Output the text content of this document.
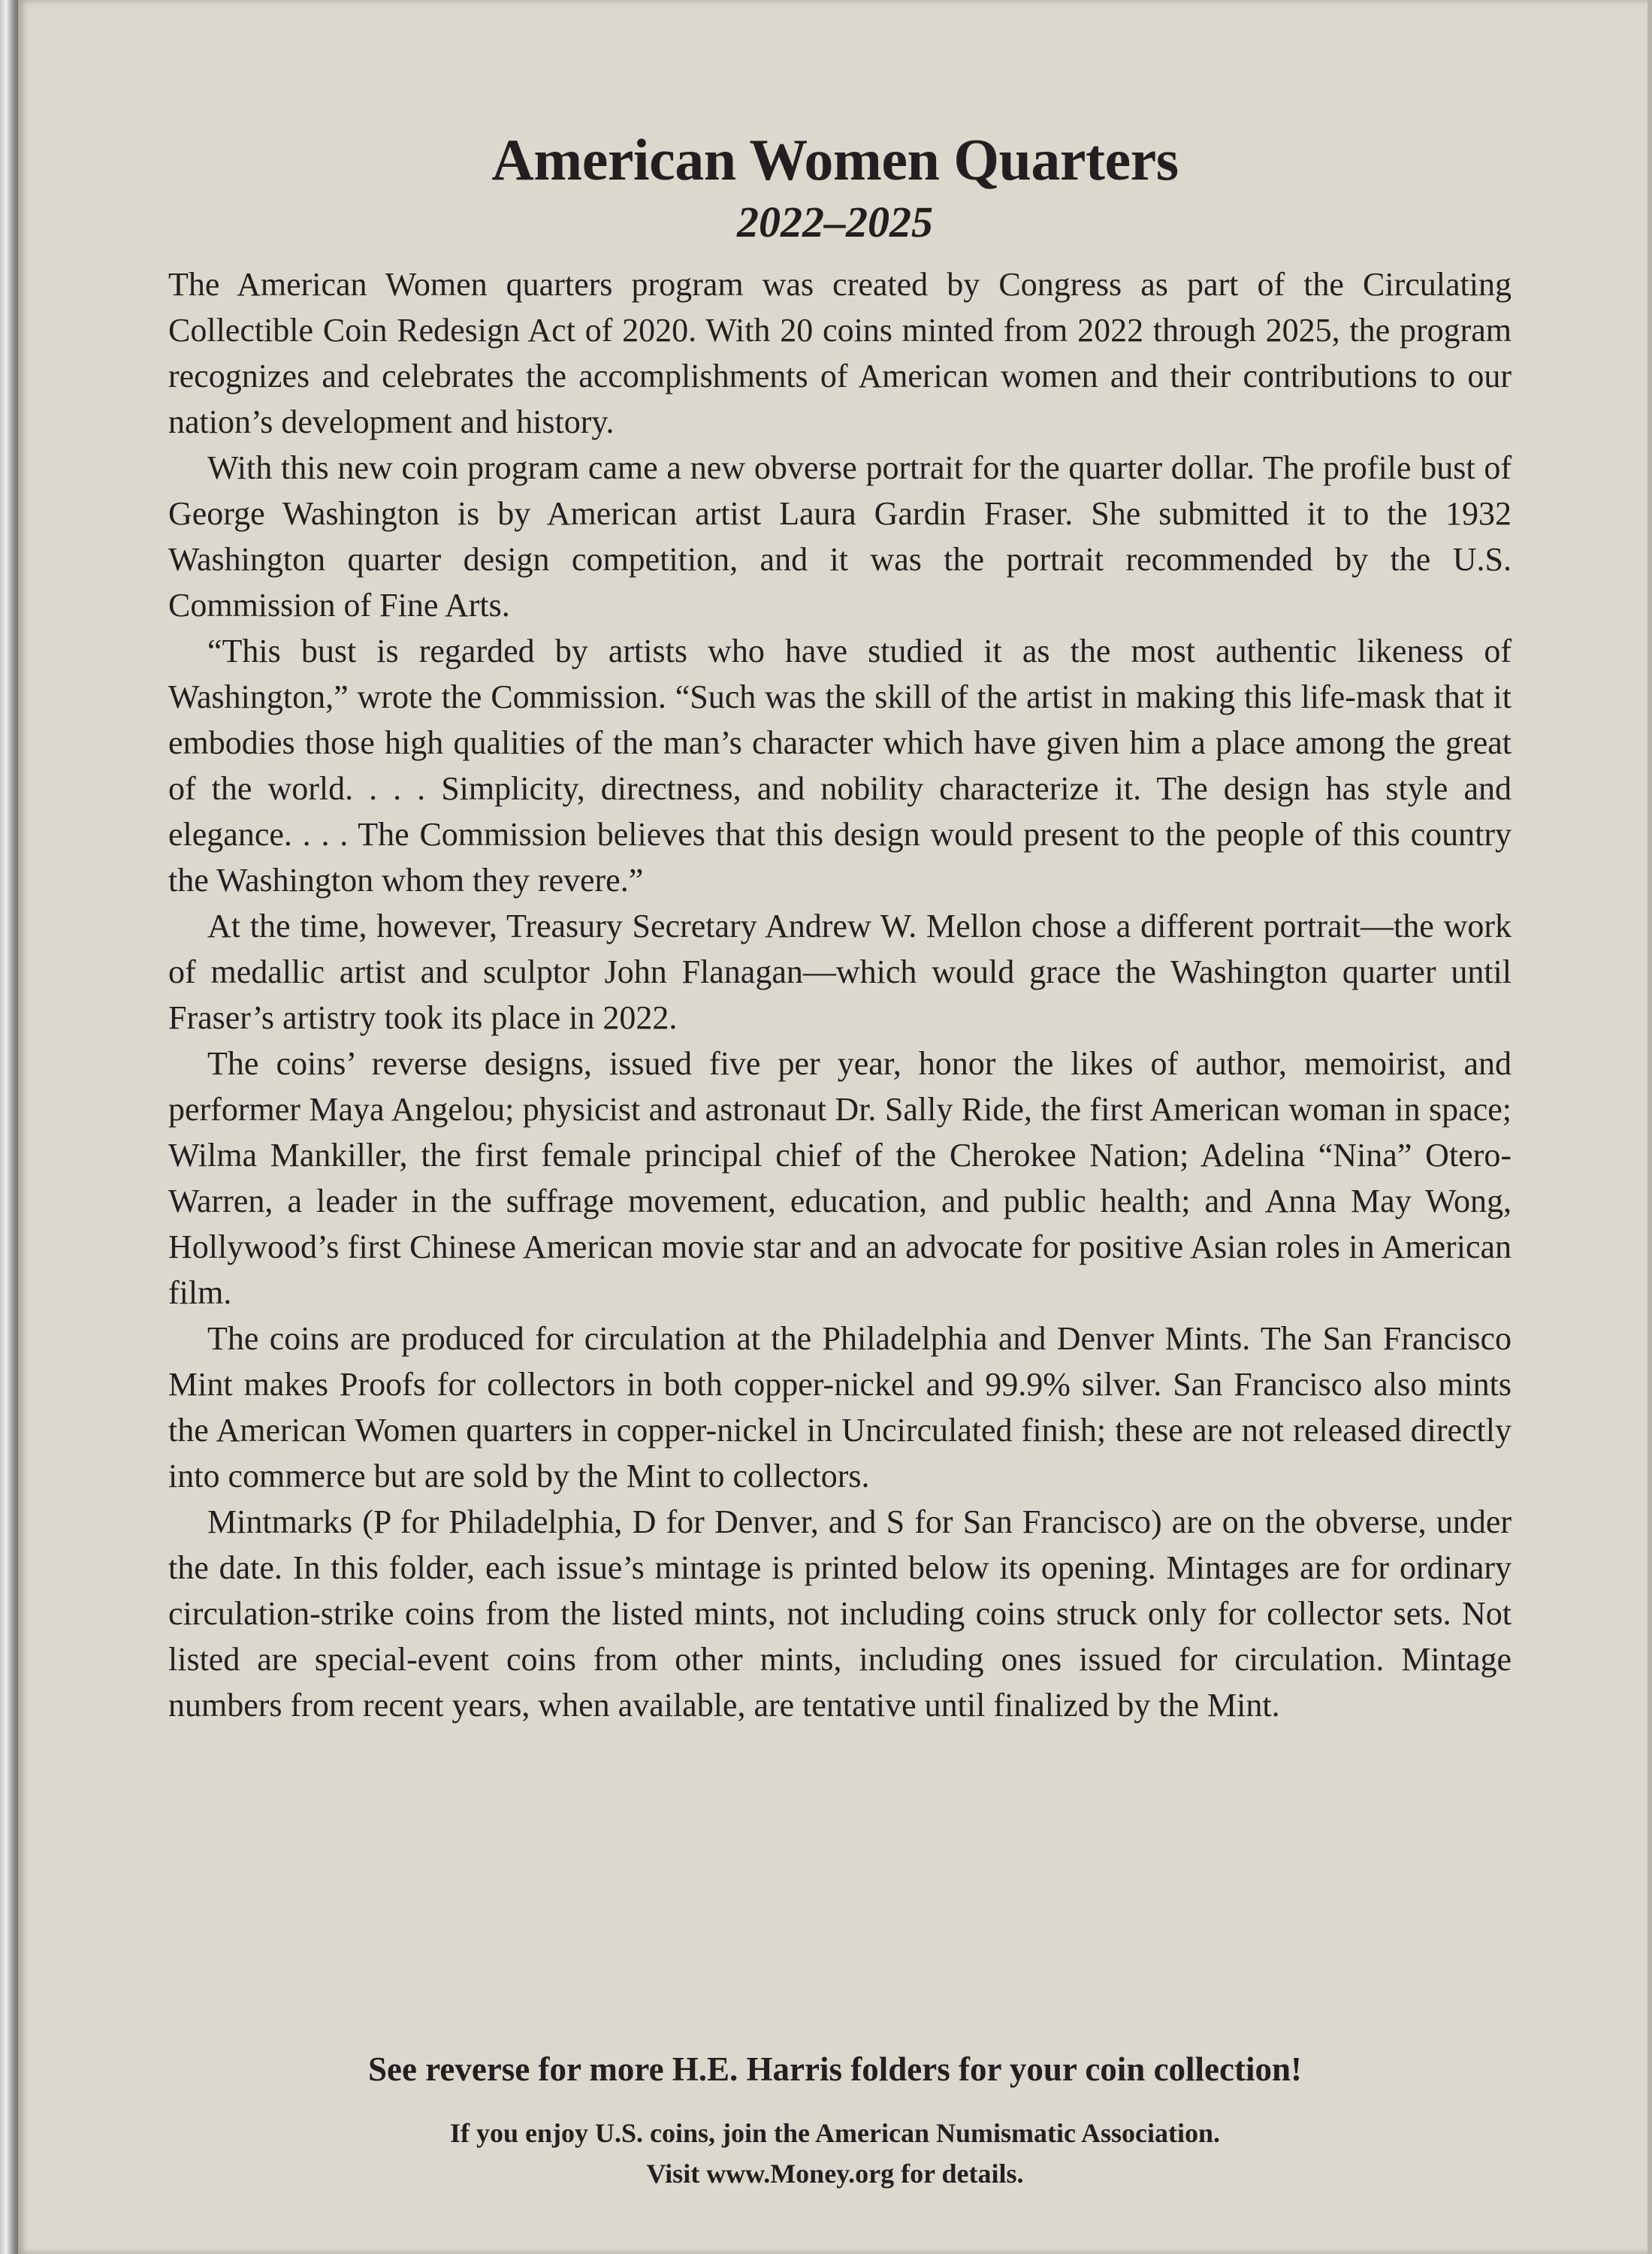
American Women Quarters
2022–2025

The American Women quarters program was created by Congress as part of the Circulating Collectible Coin Redesign Act of 2020. With 20 coins minted from 2022 through 2025, the program recognizes and celebrates the accomplishments of American women and their contributions to our nation’s development and history.

With this new coin program came a new obverse portrait for the quarter dollar. The profile bust of George Washington is by American artist Laura Gardin Fraser. She submitted it to the 1932 Washington quarter design competition, and it was the portrait recommended by the U.S. Commission of Fine Arts.

“This bust is regarded by artists who have studied it as the most authentic likeness of Washington,” wrote the Commission. “Such was the skill of the artist in making this life-mask that it embodies those high qualities of the man’s character which have given him a place among the great of the world. . . . Simplicity, directness, and nobility characterize it. The design has style and elegance. . . . The Commission believes that this design would present to the people of this country the Washington whom they revere.”

At the time, however, Treasury Secretary Andrew W. Mellon chose a different portrait—the work of medallic artist and sculptor John Flanagan—which would grace the Washington quarter until Fraser’s artistry took its place in 2022.

The coins’ reverse designs, issued five per year, honor the likes of author, memoirist, and performer Maya Angelou; physicist and astronaut Dr. Sally Ride, the first American woman in space; Wilma Mankiller, the first female principal chief of the Cherokee Nation; Adelina “Nina” Otero-Warren, a leader in the suffrage movement, education, and public health; and Anna May Wong, Hollywood’s first Chinese American movie star and an advocate for positive Asian roles in American film.

The coins are produced for circulation at the Philadelphia and Denver Mints. The San Francisco Mint makes Proofs for collectors in both copper-nickel and 99.9% silver. San Francisco also mints the American Women quarters in copper-nickel in Uncirculated finish; these are not released directly into commerce but are sold by the Mint to collectors.

Mintmarks (P for Philadelphia, D for Denver, and S for San Francisco) are on the obverse, under the date. In this folder, each issue’s mintage is printed below its opening. Mintages are for ordinary circulation-strike coins from the listed mints, not including coins struck only for collector sets. Not listed are special-event coins from other mints, including ones issued for circulation. Mintage numbers from recent years, when available, are tentative until finalized by the Mint.

See reverse for more H.E. Harris folders for your coin collection!

If you enjoy U.S. coins, join the American Numismatic Association.
Visit www.Money.org for details.
